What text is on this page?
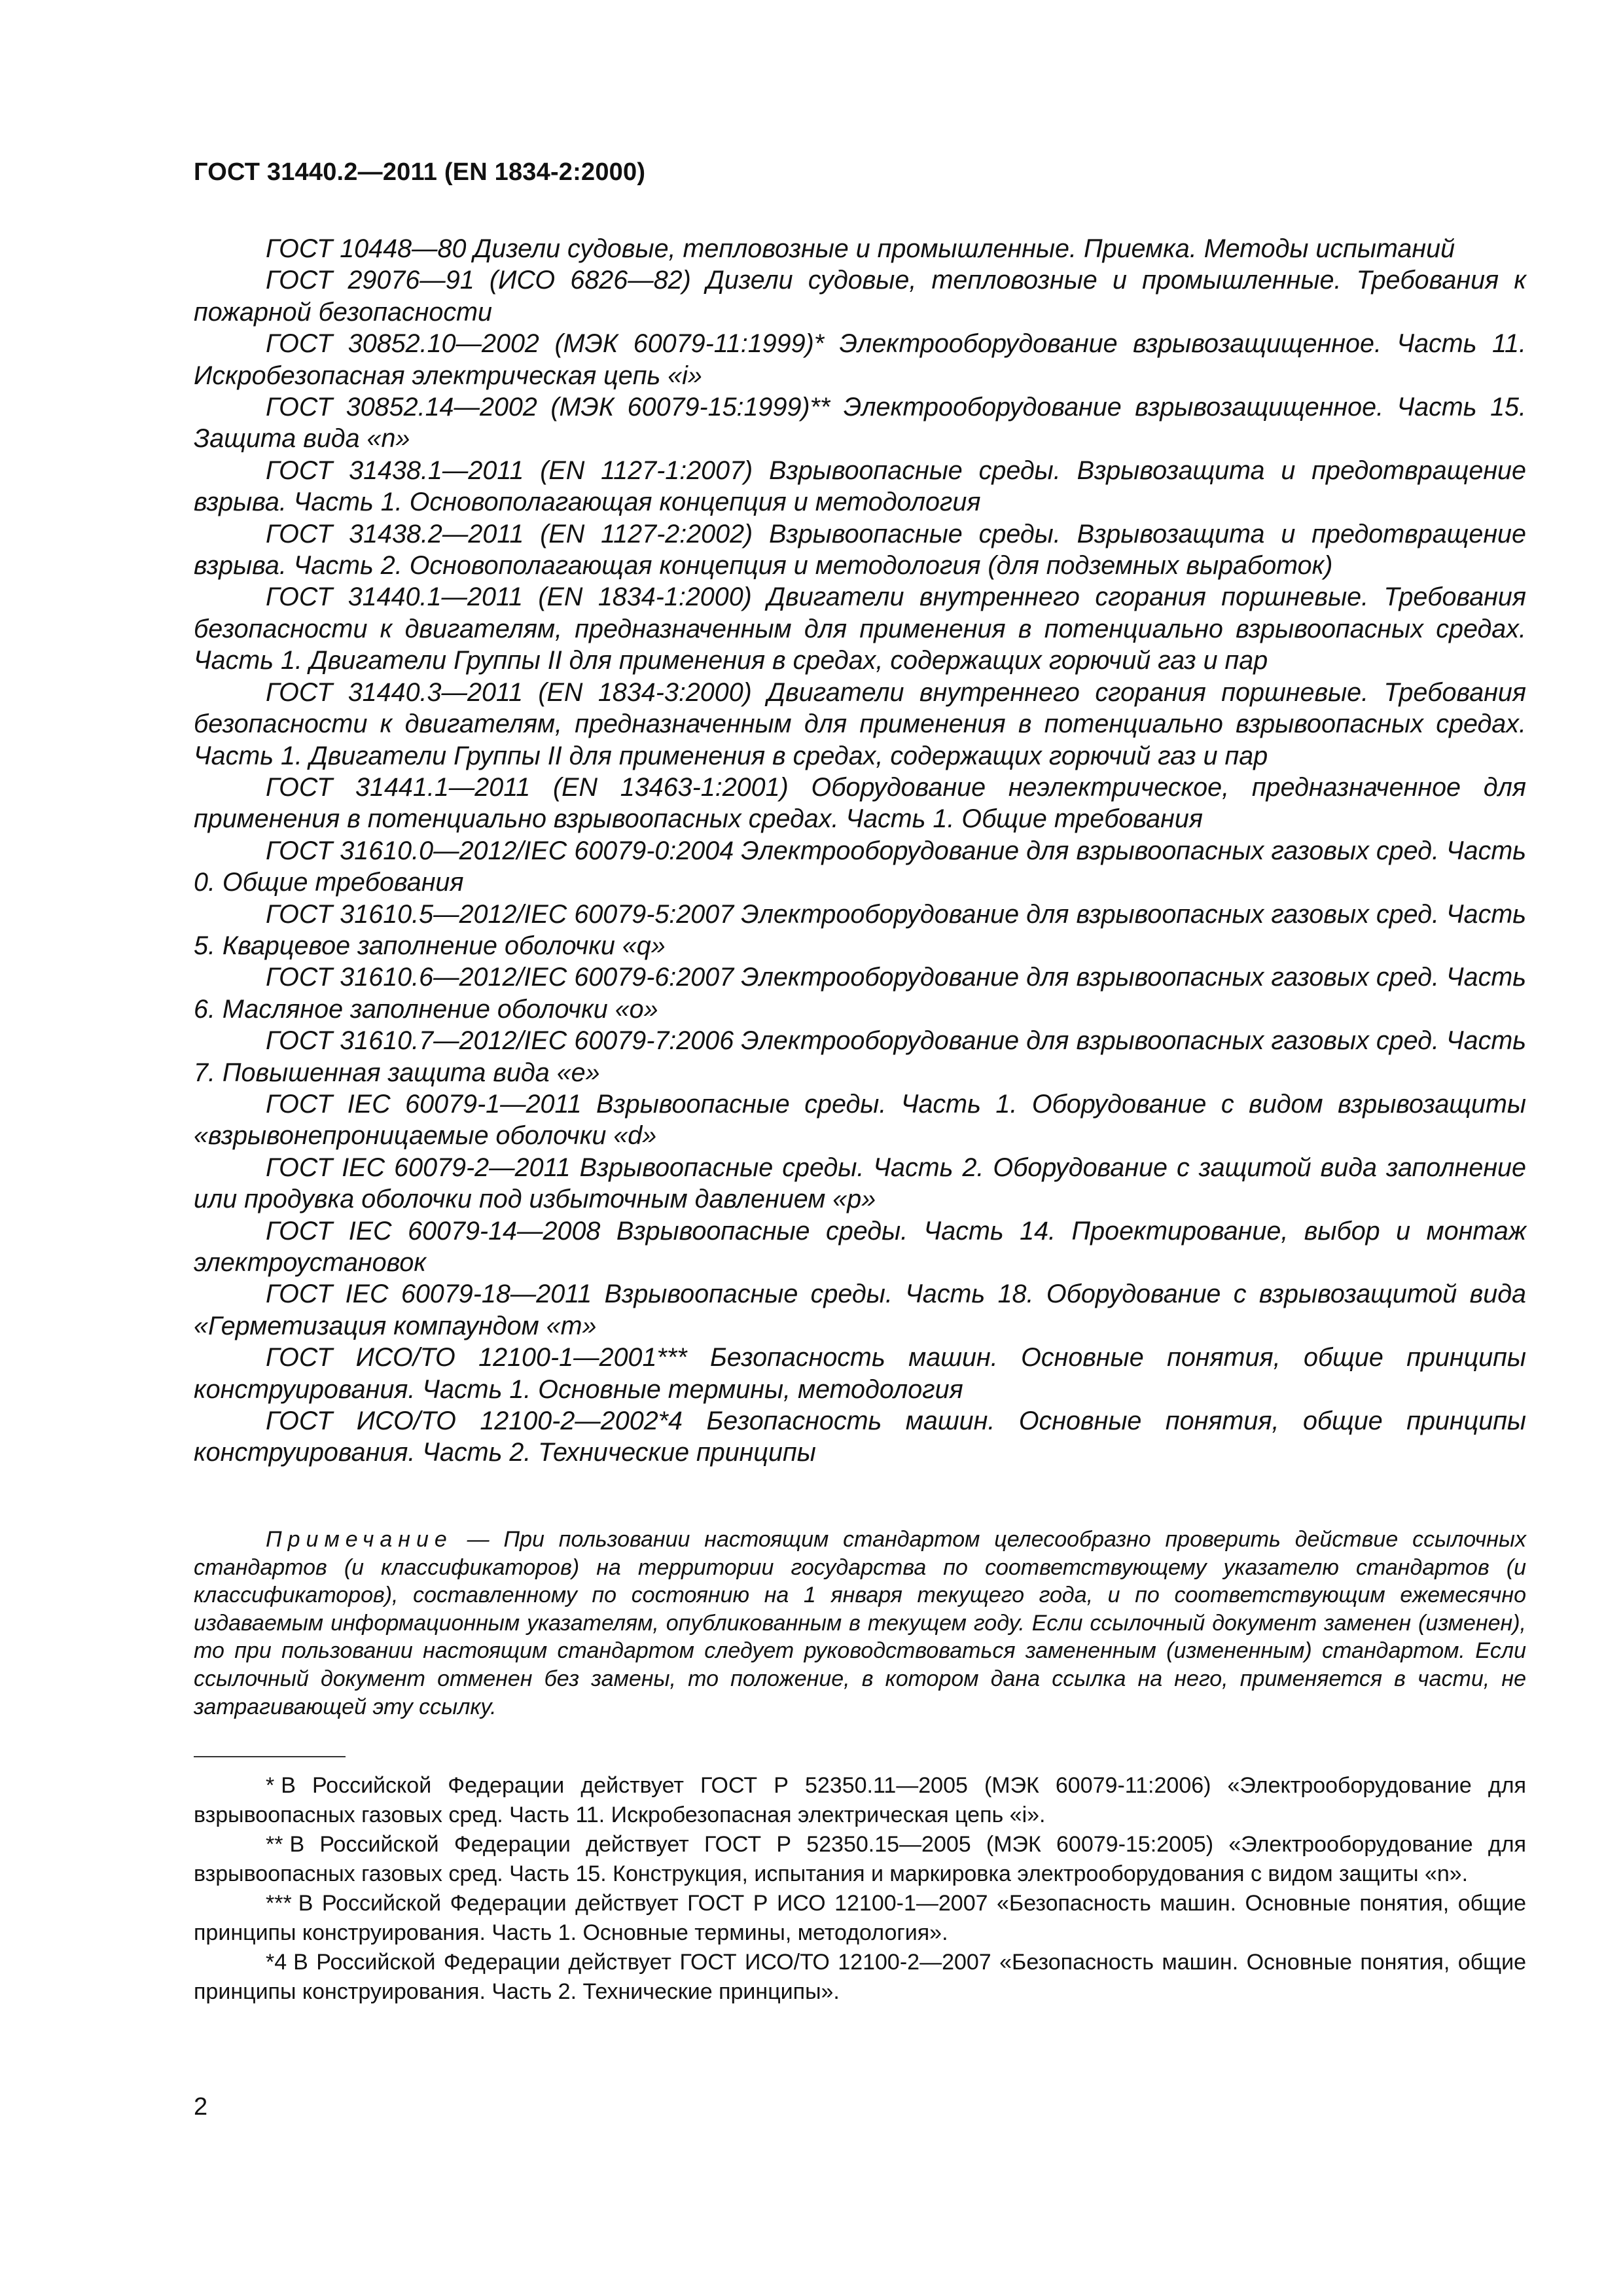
ГОСТ 31440.2—2011 (EN 1834-2:2000)

ГОСТ 10448—80 Дизели судовые, тепловозные и промышленные. Приемка. Методы испытаний

ГОСТ 29076—91 (ИСО 6826—82) Дизели судовые, тепловозные и промышленные. Требования к пожарной безопасности

ГОСТ 30852.10—2002 (МЭК 60079-11:1999)* Электрооборудование взрывозащищенное. Часть 11. Искробезопасная электрическая цепь «i»

ГОСТ 30852.14—2002 (МЭК 60079-15:1999)** Электрооборудование взрывозащищенное. Часть 15. Защита вида «n»

ГОСТ 31438.1—2011 (EN 1127-1:2007) Взрывоопасные среды. Взрывозащита и предотвращение взрыва. Часть 1. Основополагающая концепция и методология

ГОСТ 31438.2—2011 (EN 1127-2:2002) Взрывоопасные среды. Взрывозащита и предотвращение взрыва. Часть 2. Основополагающая концепция и методология (для подземных выработок)

ГОСТ 31440.1—2011 (EN 1834-1:2000) Двигатели внутреннего сгорания поршневые. Требования безопасности к двигателям, предназначенным для применения в потенциально взрывоопасных средах. Часть 1. Двигатели Группы II для применения в средах, содержащих горючий газ и пар

ГОСТ 31440.3—2011 (EN 1834-3:2000) Двигатели внутреннего сгорания поршневые. Требования безопасности к двигателям, предназначенным для применения в потенциально взрывоопасных средах. Часть 1. Двигатели Группы II для применения в средах, содержащих горючий газ и пар

ГОСТ 31441.1—2011 (EN 13463-1:2001) Оборудование неэлектрическое, предназначенное для применения в потенциально взрывоопасных средах. Часть 1. Общие требования

ГОСТ 31610.0—2012/IEC 60079-0:2004 Электрооборудование для взрывоопасных газовых сред. Часть 0. Общие требования

ГОСТ 31610.5—2012/IEC 60079-5:2007 Электрооборудование для взрывоопасных газовых сред. Часть 5. Кварцевое заполнение оболочки «q»

ГОСТ 31610.6—2012/IEC 60079-6:2007 Электрооборудование для взрывоопасных газовых сред. Часть 6. Масляное заполнение оболочки «о»

ГОСТ 31610.7—2012/IEC 60079-7:2006 Электрооборудование для взрывоопасных газовых сред. Часть 7. Повышенная защита вида «е»

ГОСТ IEC 60079-1—2011 Взрывоопасные среды. Часть 1. Оборудование с видом взрывозащиты «взрывонепроницаемые оболочки «d»

ГОСТ IEC 60079-2—2011 Взрывоопасные среды. Часть 2. Оборудование с защитой вида заполнение или продувка оболочки под избыточным давлением «р»

ГОСТ IEC 60079-14—2008 Взрывоопасные среды. Часть 14. Проектирование, выбор и монтаж электроустановок

ГОСТ IEC 60079-18—2011 Взрывоопасные среды. Часть 18. Оборудование с взрывозащитой вида «Герметизация компаундом «m»

ГОСТ ИСО/ТО 12100-1—2001*** Безопасность машин. Основные понятия, общие принципы конструирования. Часть 1. Основные термины, методология

ГОСТ ИСО/ТО 12100-2—2002*4 Безопасность машин. Основные понятия, общие принципы конструирования. Часть 2. Технические принципы

Примечание — При пользовании настоящим стандартом целесообразно проверить действие ссылочных стандартов (и классификаторов) на территории государства по соответствующему указателю стандартов (и классификаторов), составленному по состоянию на 1 января текущего года, и по соответствующим ежемесячно издаваемым информационным указателям, опубликованным в текущем году. Если ссылочный документ заменен (изменен), то при пользовании настоящим стандартом следует руководствоваться замененным (измененным) стандартом. Если ссылочный документ отменен без замены, то положение, в котором дана ссылка на него, применяется в части, не затрагивающей эту ссылку.

* В Российской Федерации действует ГОСТ Р 52350.11—2005 (МЭК 60079-11:2006) «Электрооборудование для взрывоопасных газовых сред. Часть 11. Искробезопасная электрическая цепь «i».

** В Российской Федерации действует ГОСТ Р 52350.15—2005 (МЭК 60079-15:2005) «Электрооборудование для взрывоопасных газовых сред. Часть 15. Конструкция, испытания и маркировка электрооборудования с видом защиты «n».

*** В Российской Федерации действует ГОСТ Р ИСО 12100-1—2007 «Безопасность машин. Основные понятия, общие принципы конструирования. Часть 1. Основные термины, методология».

*4 В Российской Федерации действует ГОСТ ИСО/ТО 12100-2—2007 «Безопасность машин. Основные понятия, общие принципы конструирования. Часть 2. Технические принципы».

2
